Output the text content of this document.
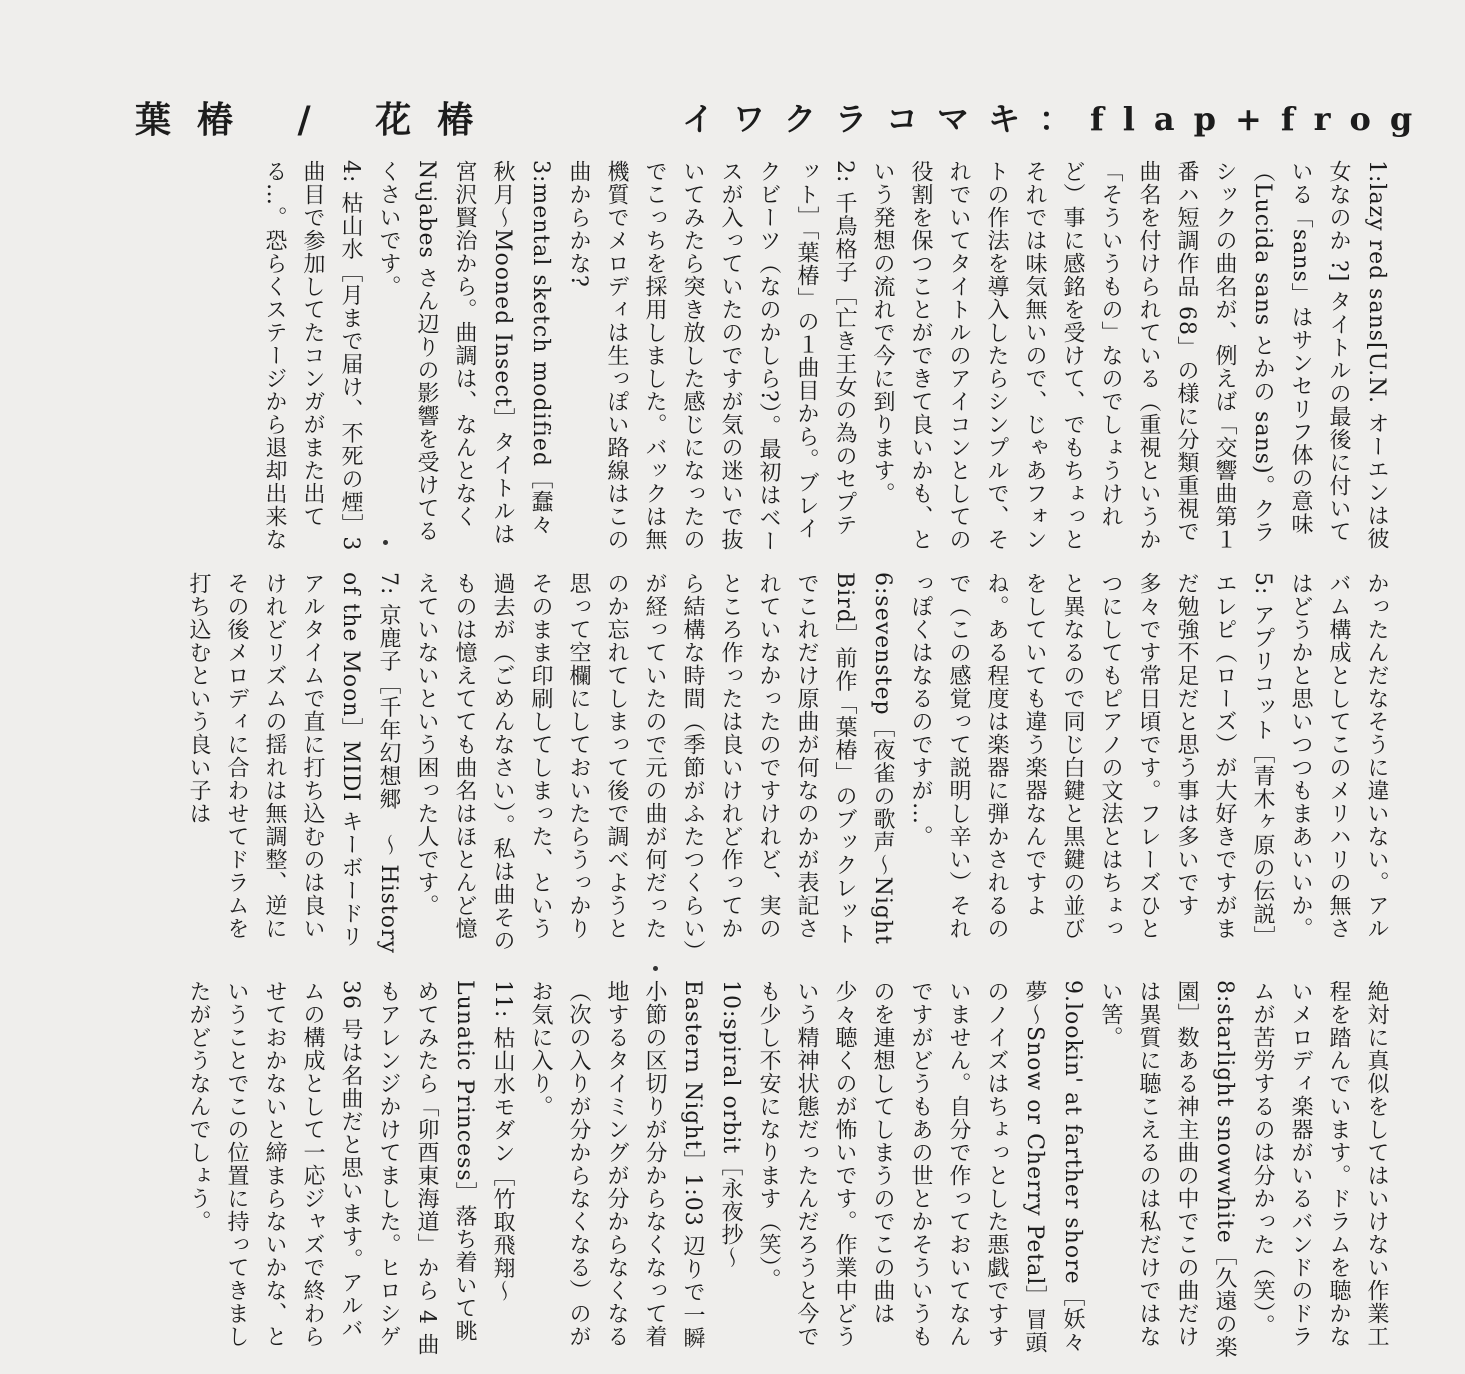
葉椿 / 花椿	イワクラコマキ：flap+frog

1:lazy red sans[U.N. オーエンは彼女なのか ?] タイトルの最後に付いている「sans」はサンセリフ体の意味（Lucida sans とかの sans)。クラシックの曲名が、例えば「交響曲第１番ハ短調作品 68」の様に分類重視で曲名を付けられている（重視というか「そういうもの」なのでしょうけれど）事に感銘を受けて、でもちょっとそれでは味気無いので、じゃあフォントの作法を導入したらシンプルで、それでいてタイトルのアイコンとしての役割を保つことができて良いかも、という発想の流れで今に到ります。

2: 千鳥格子［亡き王女の為のセプテット］「葉椿」の１曲目から。ブレイクビーツ（なのかしら?）。最初はベースが入っていたのですが気の迷いで抜いてみたら突き放した感じになったのでこっちを採用しました。バックは無機質でメロディは生っぽい路線はこの曲からかな?

3:mental sketch modified［蠢々秋月～Mooned Insect］タイトルは宮沢賢治から。曲調は、なんとなく Nujabes さん辺りの影響を受けてるくさいです。

4: 枯山水［月まで届け、不死の煙］3 曲目で参加してたコンガがまた出てる…。恐らくステージから退却出来な

かったんだなそうに違いない。アルバム構成としてこのメリハリの無さはどうかと思いつつもまあいいか。

5: アプリコット［青木ヶ原の伝説］エレピ（ローズ）が大好きですがまだ勉強不足だと思う事は多いです多々です常日頃です。フレーズひとつにしてもピアノの文法とはちょっと異なるので同じ白鍵と黒鍵の並びをしていても違う楽器なんですよね。ある程度は楽器に弾かされるので（この感覚って説明し辛い）それっぽくはなるのですが…。

6:sevenstep［夜雀の歌声～Night Bird］前作「葉椿」のブックレットでこれだけ原曲が何なのかが表記されていなかったのですけれど、実のところ作ったは良いけれど作ってから結構な時間（季節がふたつくらい）が経っていたので元の曲が何だったのか忘れてしまって後で調べようと思って空欄にしておいたらうっかりそのまま印刷してしまった、という過去が（ごめんなさい）。私は曲そのものは憶えてても曲名はほとんど憶えていないという困った人です。

7: 京鹿子［千年幻想郷　～ History of the Moon］MIDI キーボードリアルタイムで直に打ち込むのは良いけれどリズムの揺れは無調整、逆にその後メロディに合わせてドラムを打ち込むという良い子は

絶対に真似をしてはいけない作業工程を踏んでいます。ドラムを聴かないメロディ楽器がいるバンドのドラムが苦労するのは分かった（笑）。

8:starlight snowwhite［久遠の楽園］数ある神主曲の中でこの曲だけは異質に聴こえるのは私だけではない筈。

9.lookin' at farther shore［妖々夢～Snow or Cherry Petal］冒頭のノイズはちょっとした悪戯ですすいません。自分で作っておいてなんですがどうもあの世とかそういうものを連想してしまうのでこの曲は少々聴くのが怖いです。作業中どういう精神状態だったんだろうと今でも少し不安になります（笑）。

10:spiral orbit［永夜抄～Eastern Night］1:03 辺りで一瞬小節の区切りが分からなくなって着地するタイミングが分からなくなる（次の入りが分からなくなる）のがお気に入り。

11: 枯山水モダン［竹取飛翔～Lunatic Princess］落ち着いて眺めてみたら「卯酉東海道」から 4 曲もアレンジかけてました。ヒロシゲ 36 号は名曲だと思います。アルバムの構成として一応ジャズで終わらせておかないと締まらないかな、ということでこの位置に持ってきましたがどうなんでしょう。
